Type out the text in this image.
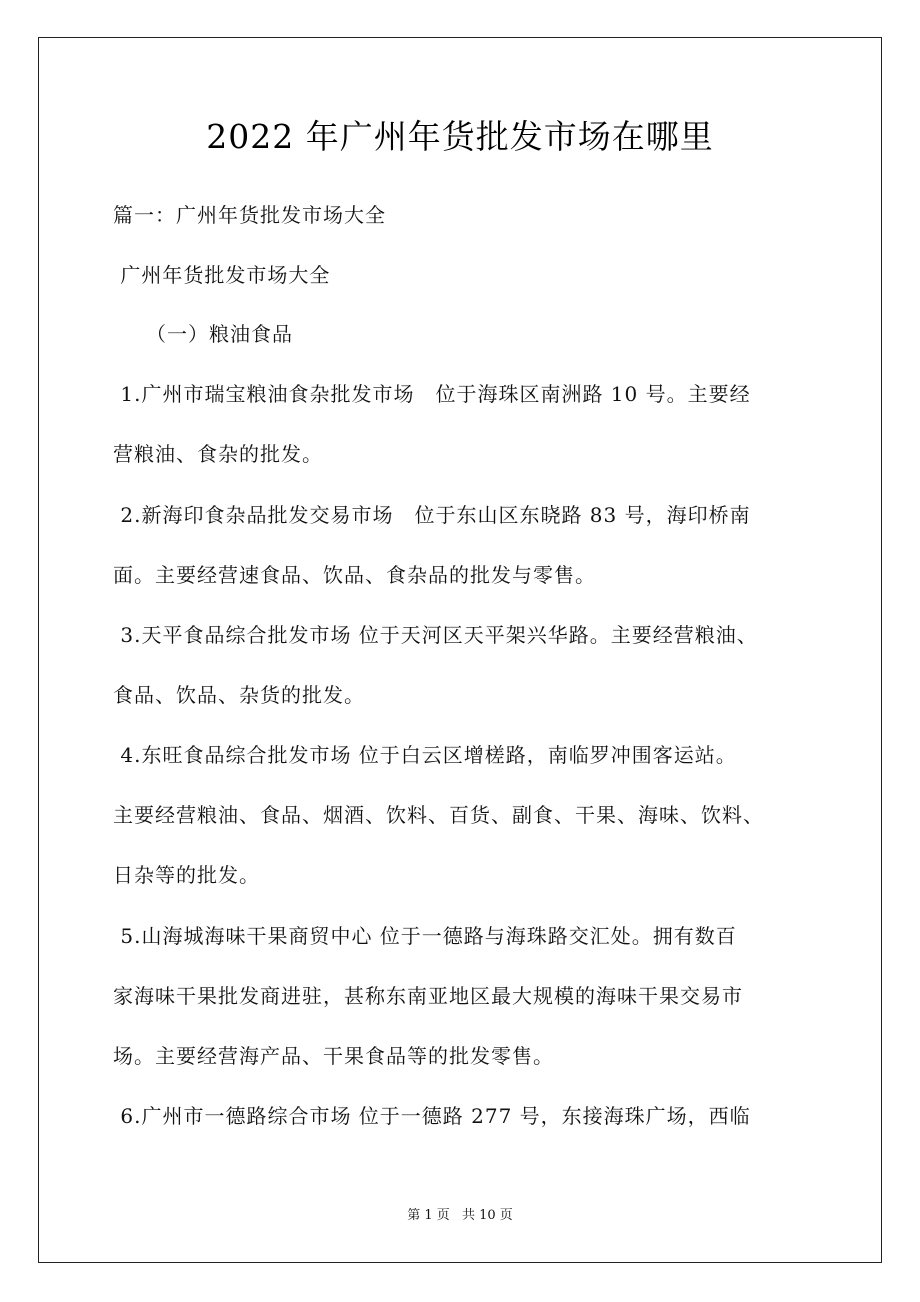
2022 年广州年货批发市场在哪里
篇一：广州年货批发市场大全
广州年货批发市场大全
（一）粮油食品
1.广州市瑞宝粮油食杂批发市场　位于海珠区南洲路 10 号。主要经
营粮油、食杂的批发。
2.新海印食杂品批发交易市场　位于东山区东晓路 83 号，海印桥南
面。主要经营速食品、饮品、食杂品的批发与零售。
3.天平食品综合批发市场 位于天河区天平架兴华路。主要经营粮油、
食品、饮品、杂货的批发。
4.东旺食品综合批发市场 位于白云区增槎路，南临罗冲围客运站。
主要经营粮油、食品、烟酒、饮料、百货、副食、干果、海味、饮料、
日杂等的批发。
5.山海城海味干果商贸中心 位于一德路与海珠路交汇处。拥有数百
家海味干果批发商进驻，甚称东南亚地区最大规模的海味干果交易市
场。主要经营海产品、干果食品等的批发零售。
6.广州市一德路综合市场 位于一德路 277 号，东接海珠广场，西临
第 1 页 共 10 页
